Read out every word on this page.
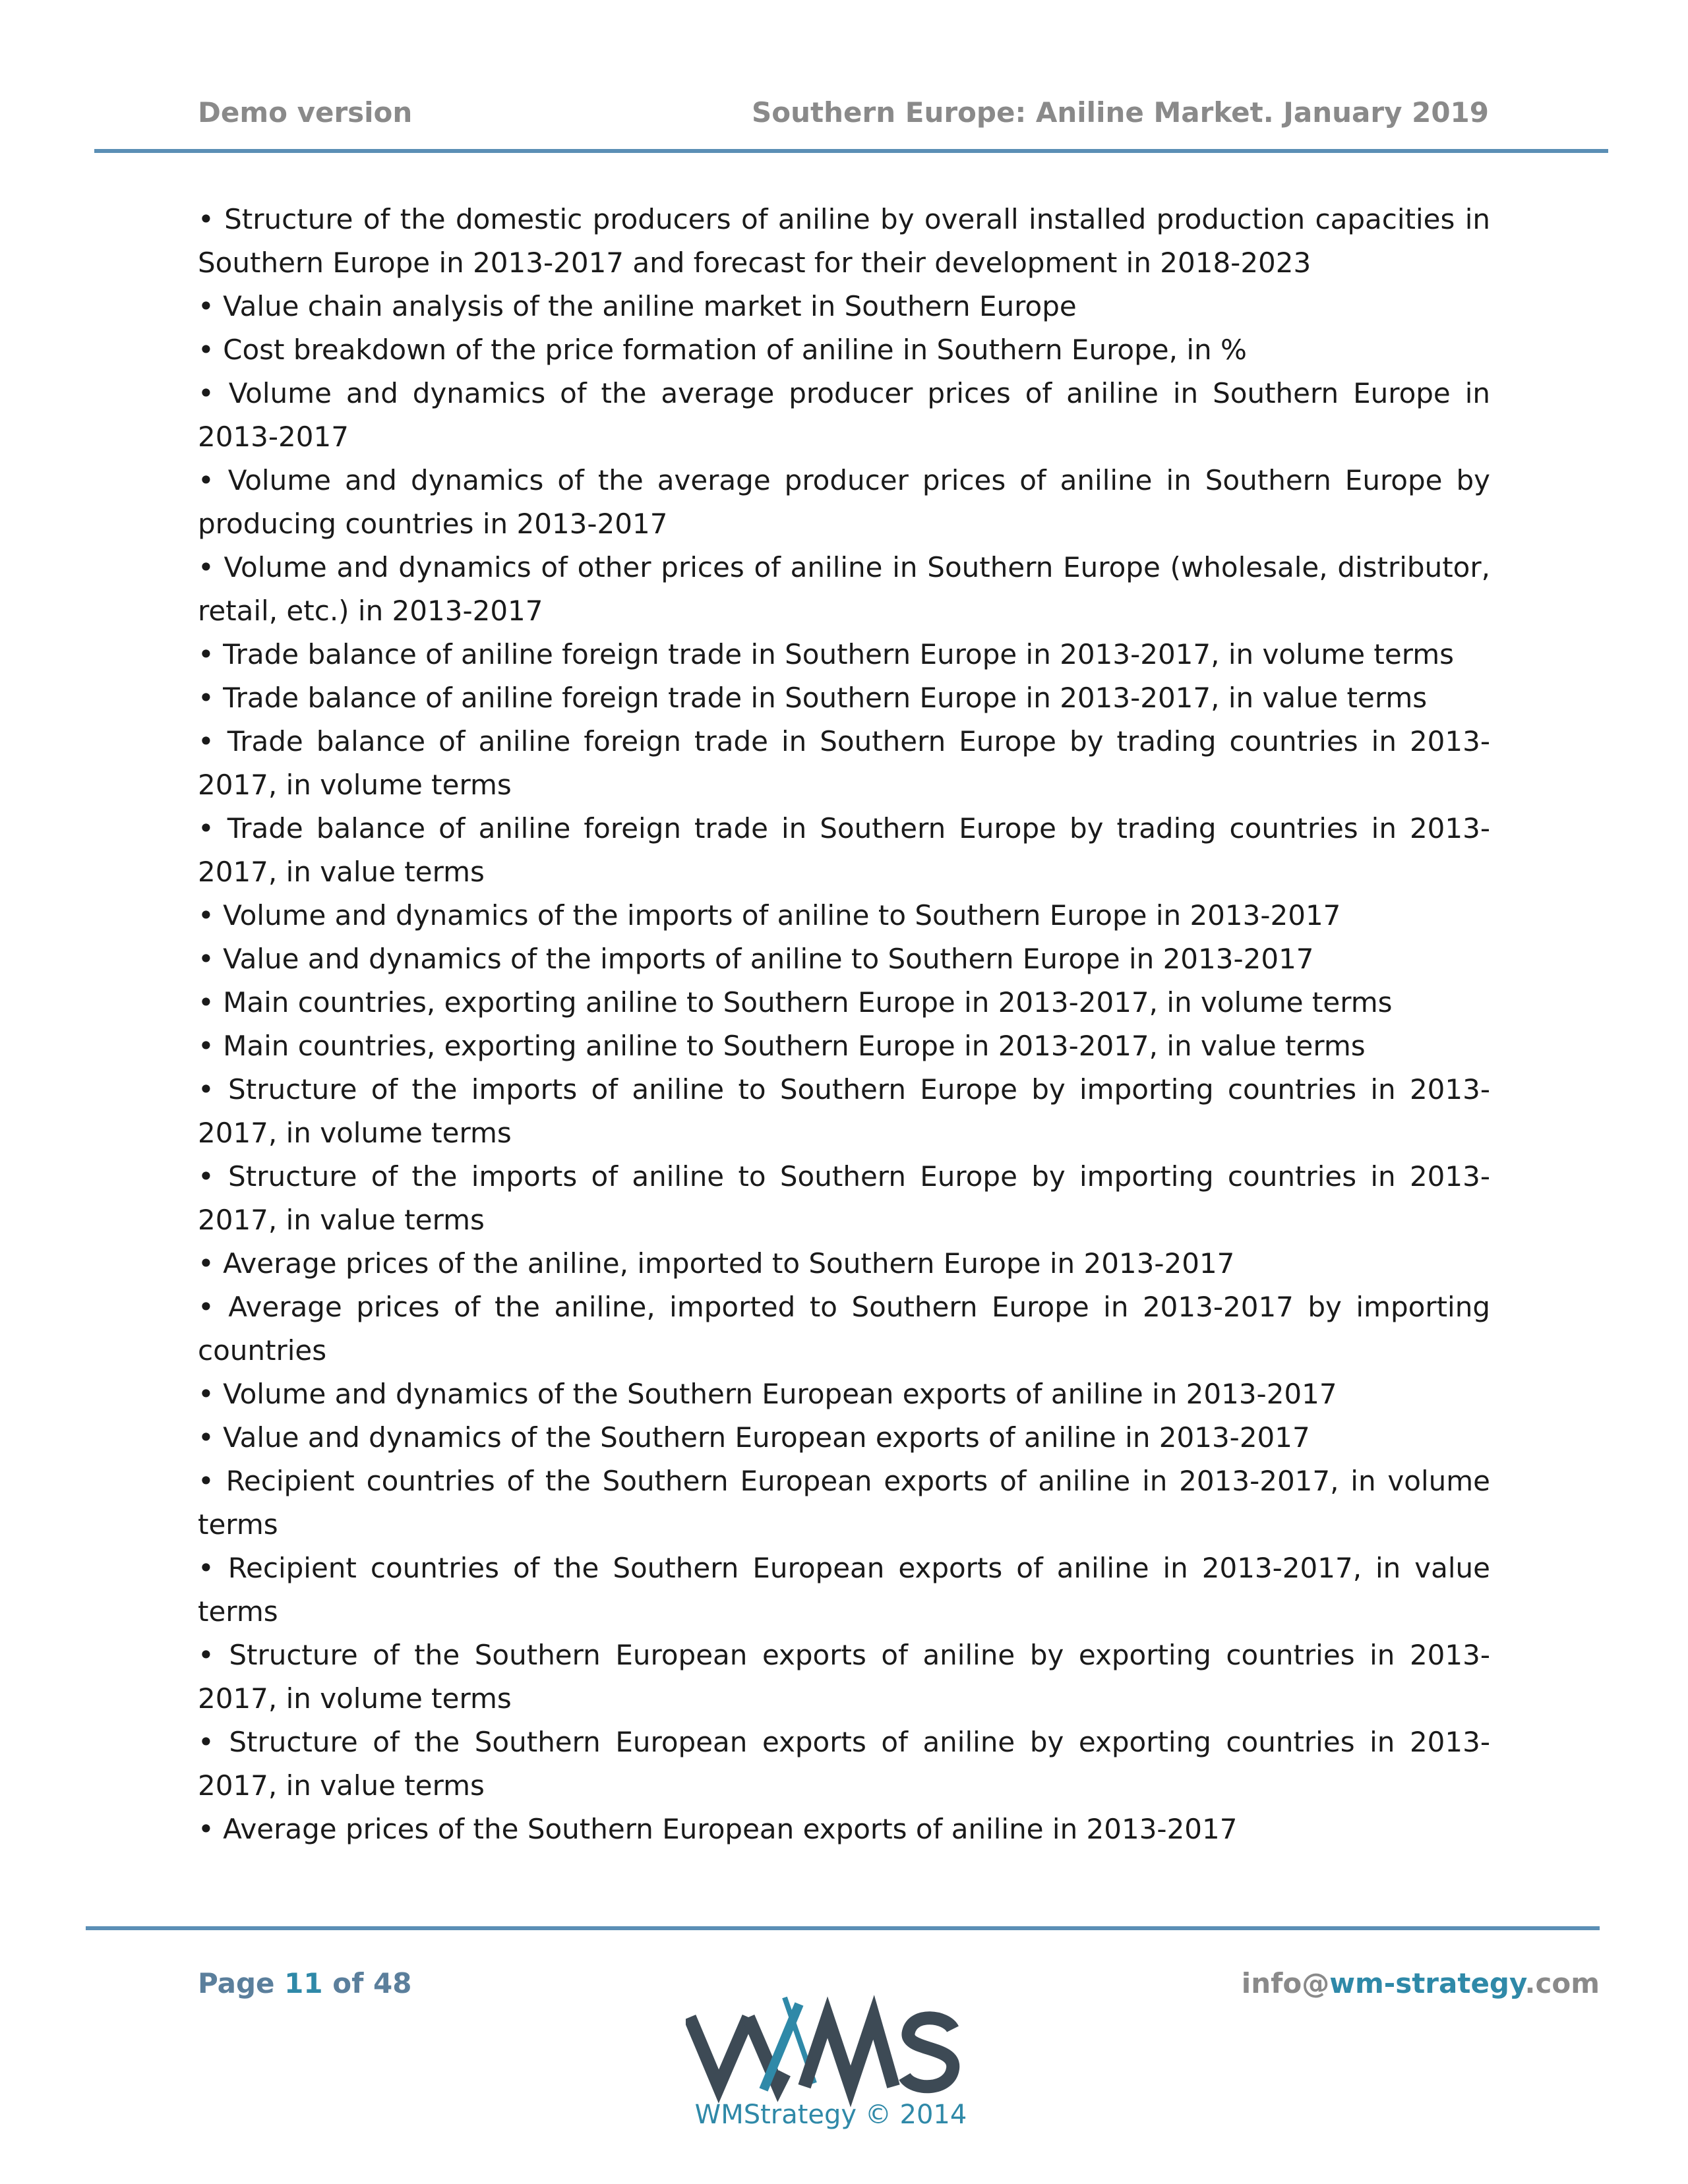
Demo version	Southern Europe: Aniline Market. January 2019

• Structure of the domestic producers of aniline by overall installed production capacities in Southern Europe in 2013-2017 and forecast for their development in 2018-2023

• Value chain analysis of the aniline market in Southern Europe

• Cost breakdown of the price formation of aniline in Southern Europe, in %

• Volume and dynamics of the average producer prices of aniline in Southern Europe in 2013-2017

• Volume and dynamics of the average producer prices of aniline in Southern Europe by producing countries in 2013-2017

• Volume and dynamics of other prices of aniline in Southern Europe (wholesale, distributor, retail, etc.) in 2013-2017

• Trade balance of aniline foreign trade in Southern Europe in 2013-2017, in volume terms

• Trade balance of aniline foreign trade in Southern Europe in 2013-2017, in value terms

• Trade balance of aniline foreign trade in Southern Europe by trading countries in 2013-2017, in volume terms

• Trade balance of aniline foreign trade in Southern Europe by trading countries in 2013-2017, in value terms

• Volume and dynamics of the imports of aniline to Southern Europe in 2013-2017

• Value and dynamics of the imports of aniline to Southern Europe in 2013-2017

• Main countries, exporting aniline to Southern Europe in 2013-2017, in volume terms

• Main countries, exporting aniline to Southern Europe in 2013-2017, in value terms

• Structure of the imports of aniline to Southern Europe by importing countries in 2013-2017, in volume terms

• Structure of the imports of aniline to Southern Europe by importing countries in 2013-2017, in value terms

• Average prices of the aniline, imported to Southern Europe in 2013-2017

• Average prices of the aniline, imported to Southern Europe in 2013-2017 by importing countries

• Volume and dynamics of the Southern European exports of aniline in 2013-2017

• Value and dynamics of the Southern European exports of aniline in 2013-2017

• Recipient countries of the Southern European exports of aniline in 2013-2017, in volume terms

• Recipient countries of the Southern European exports of aniline in 2013-2017, in value terms

• Structure of the Southern European exports of aniline by exporting countries in 2013-2017, in volume terms

• Structure of the Southern European exports of aniline by exporting countries in 2013-2017, in value terms

• Average prices of the Southern European exports of aniline in 2013-2017

Page 11 of 48	info@wm-strategy.com
WMStrategy © 2014
